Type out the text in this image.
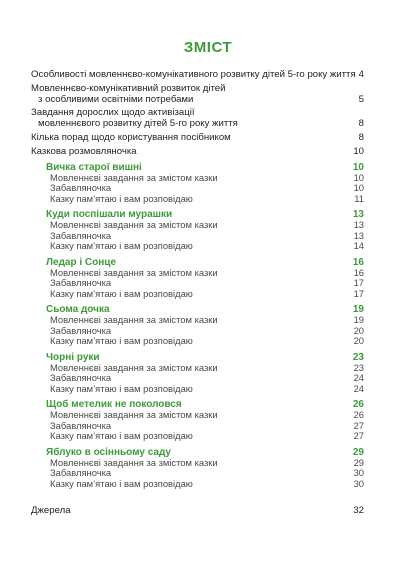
ЗМІСТ
Особливості мовленнєво-комунікативного розвитку дітей 5-го року життя 4
Мовленнєво-комунікативний розвиток дітей
з особливими освітніми потребами	5
Завдання дорослих щодо активізації
мовленнєвого розвитку дітей 5-го року життя	8
Кілька порад щодо користування посібником	8
Казкова розмовляночка	10
Вичка старої вишні	10
Мовленнєві завдання за змістом казки	10
Забавляночка	10
Казку пам’ятаю і вам розповідаю	11
Куди поспішали мурашки	13
Мовленнєві завдання за змістом казки	13
Забавляночка	13
Казку пам’ятаю і вам розповідаю	14
Ледар і Сонце	16
Мовленнєві завдання за змістом казки	16
Забавляночка	17
Казку пам’ятаю і вам розповідаю	17
Сьома дочка	19
Мовленнєві завдання за змістом казки	19
Забавляночка	20
Казку пам’ятаю і вам розповідаю	20
Чорні руки	23
Мовленнєві завдання за змістом казки	23
Забавляночка	24
Казку пам’ятаю і вам розповідаю	24
Щоб метелик не поколовся	26
Мовленнєві завдання за змістом казки	26
Забавляночка	27
Казку пам’ятаю і вам розповідаю	27
Яблуко в осінньому саду	29
Мовленнєві завдання за змістом казки	29
Забавляночка	30
Казку пам’ятаю і вам розповідаю	30
Джерела	32
